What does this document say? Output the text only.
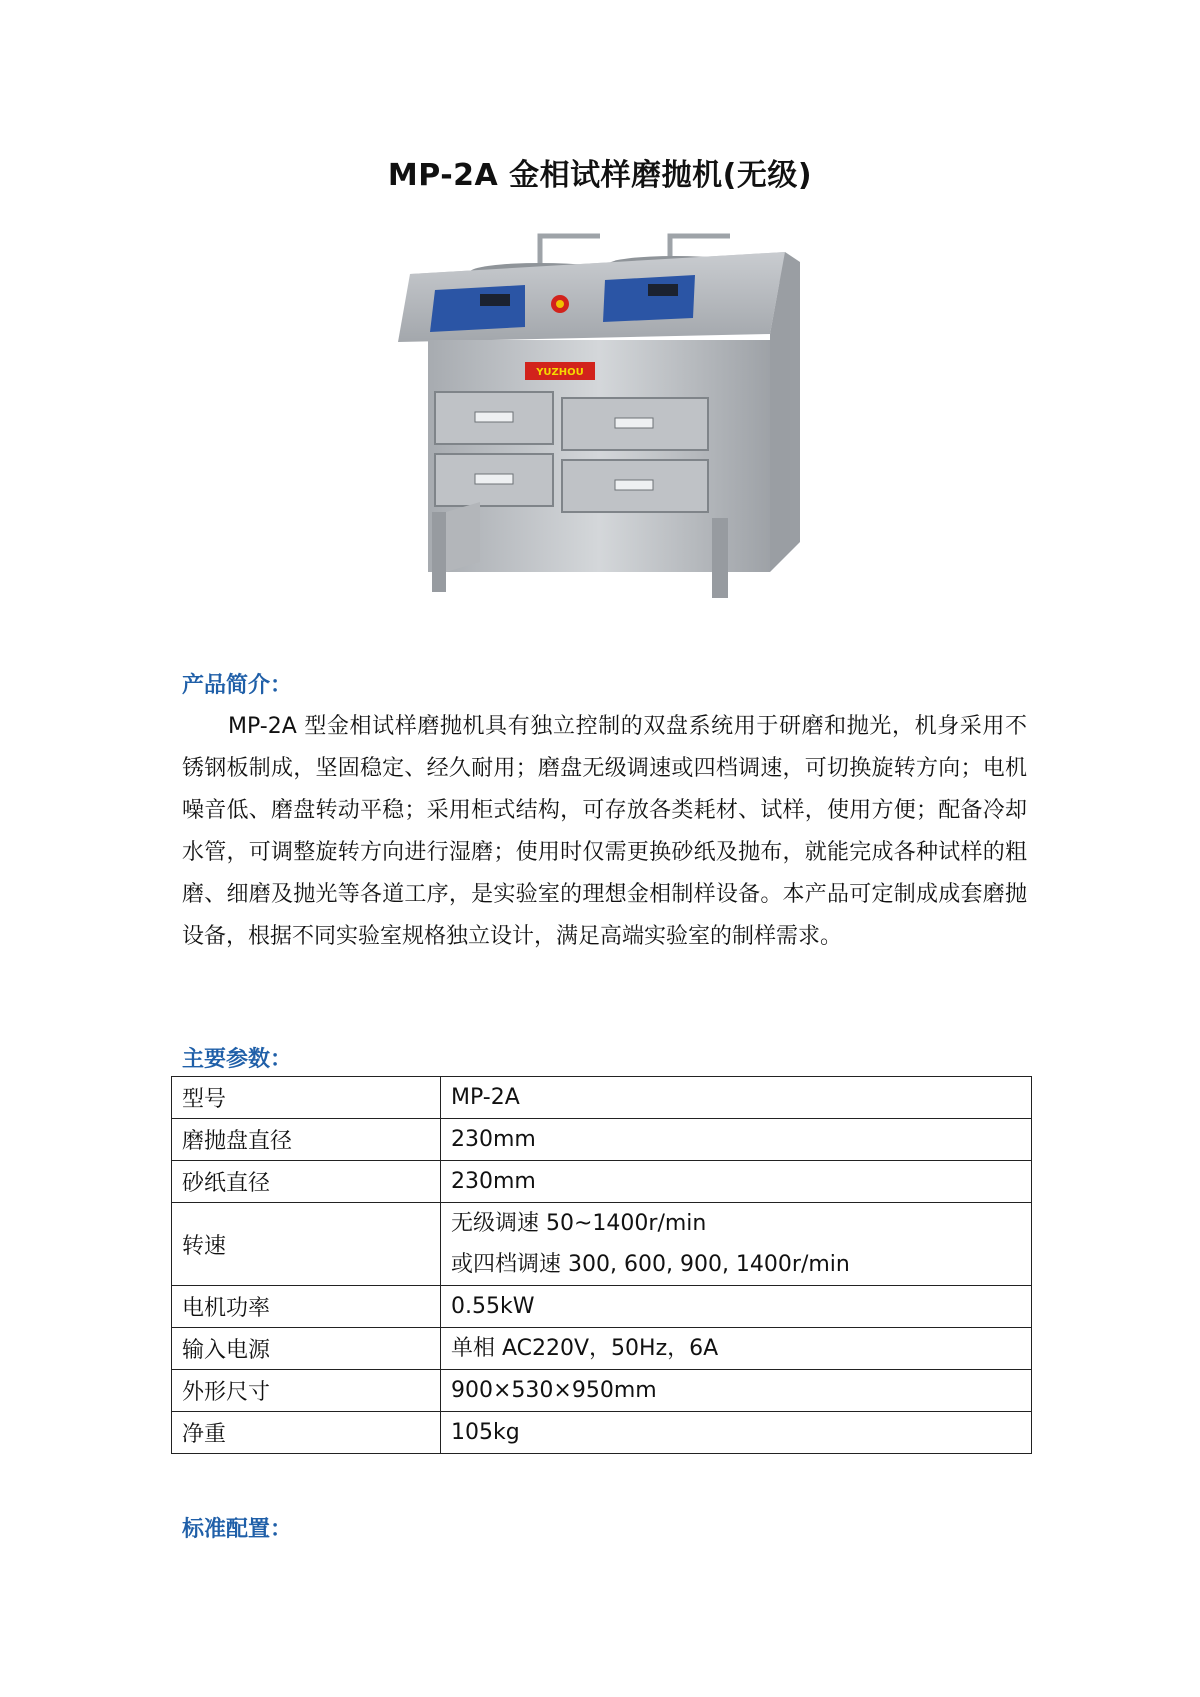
MP-2A 金相试样磨抛机(无级)
YUZHOU
产品简介：

MP-2A 型金相试样磨抛机具有独立控制的双盘系统用于研磨和抛光，机身采用不锈钢板制成，坚固稳定、经久耐用；磨盘无级调速或四档调速，可切换旋转方向；电机噪音低、磨盘转动平稳；采用柜式结构，可存放各类耗材、试样，使用方便；配备冷却水管，可调整旋转方向进行湿磨；使用时仅需更换砂纸及抛布，就能完成各种试样的粗磨、细磨及抛光等各道工序，是实验室的理想金相制样设备。本产品可定制成成套磨抛设备，根据不同实验室规格独立设计，满足高端实验室的制样需求。

主要参数：
型号	MP-2A

磨抛盘直径	230mm

砂纸直径	230mm

转速	无级调速 50~1400r/min
或四档调速 300, 600, 900, 1400r/min

电机功率	0.55kW

输入电源	单相 AC220V，50Hz，6A

外形尺寸	900×530×950mm

净重	105kg
标准配置：
